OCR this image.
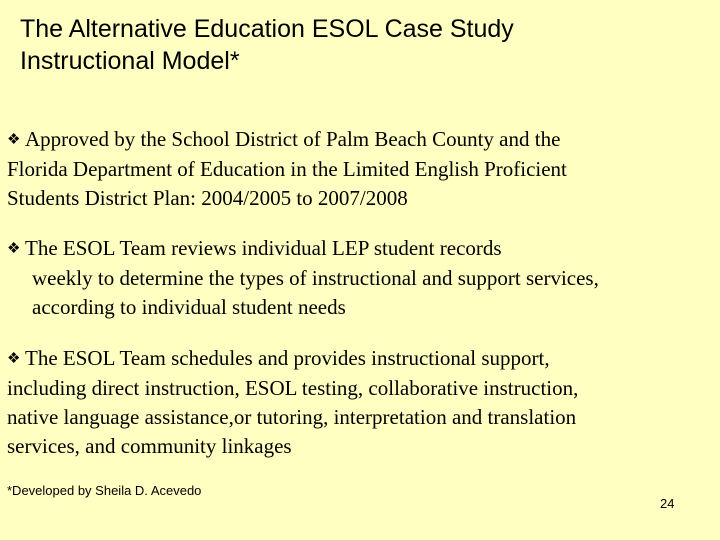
The Alternative Education ESOL Case Study
Instructional Model*
❖ Approved by the School District of Palm Beach County and the
Florida Department of Education in the Limited English Proficient
Students District Plan: 2004/2005 to 2007/2008
❖ The ESOL Team reviews individual LEP student records
weekly to determine the types of instructional and support services,
according to individual student needs
❖ The ESOL Team schedules and provides instructional support,
including direct instruction, ESOL testing, collaborative instruction,
native language assistance,or tutoring, interpretation and translation
services, and community linkages
*Developed by Sheila D. Acevedo
24
